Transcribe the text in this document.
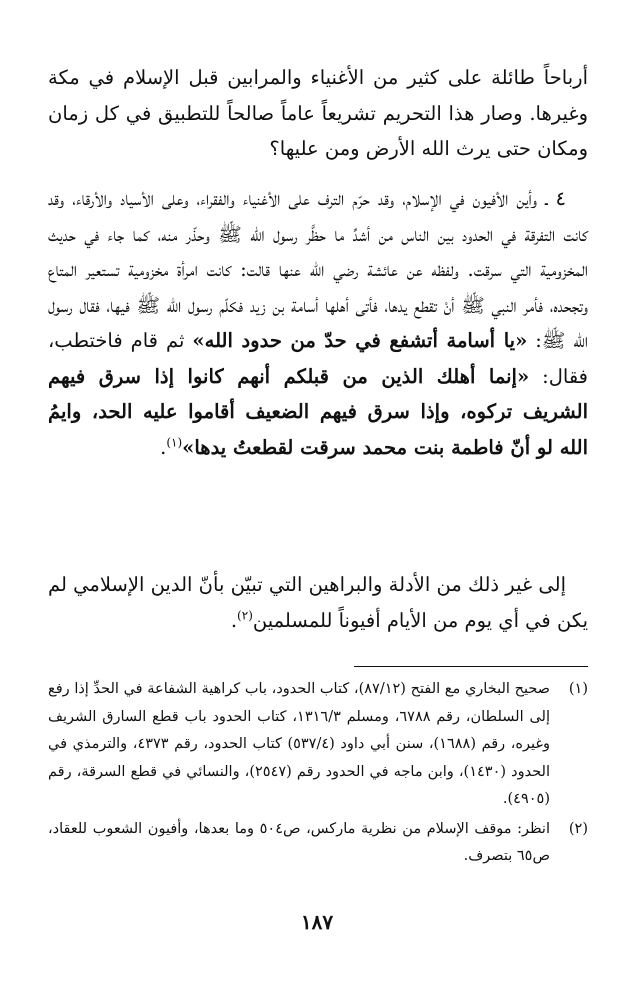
أرباحاً طائلة على كثير من الأغنياء والمرابين قبل الإسلام في مكة وغيرها. وصار هذا التحريم تشريعاً عاماً صالحاً للتطبيق في كل زمان ومكان حتى يرث الله الأرض ومن عليها؟

٤ ـ وأين الأفيون في الإسلام، وقد حرّم الترف على الأغنياء والفقراء، وعلى الأسياد والأرقاء، وقد كانت التفرقة في الحدود بين الناس من أشدِّ ما حظَّر رسول الله ﷺ وحذّر منه، كما جاء في حديث المخزومية التي سرقت. ولفظه عن عائشة رضي الله عنها قالت: كانت امرأة مخزومية تستعير المتاع وتجحده، فأمر النبي ﷺ أنْ تقطع يدها، فأتى أهلها أسامة بن زيد فكلّم رسول الله ﷺ فيها، فقال رسول الله ﷺ: «يا أسامة أتشفع في حدّ من حدود الله» ثم قام فاختطب، فقال: «إنما أهلك الذين من قبلكم أنهم كانوا إذا سرق فيهم الشريف تركوه، وإذا سرق فيهم الضعيف أقاموا عليه الحد، وايمُ الله لو أنّ فاطمة بنت محمد سرقت لقطعتُ يدها»$^{(١)}$.

إلى غير ذلك من الأدلة والبراهين التي تبيّن بأنّ الدين الإسلامي لم يكن في أي يوم من الأيام أفيوناً للمسلمين$^{(٢)}$.

(١)
صحيح البخاري مع الفتح (٨٧/١٢)، كتاب الحدود، باب كراهية الشفاعة في الحدِّ إذا رفع إلى السلطان، رقم ٦٧٨٨، ومسلم ١٣١٦/٣، كتاب الحدود باب قطع السارق الشريف وغيره، رقم (١٦٨٨)، سنن أبي داود (٥٣٧/٤) كتاب الحدود، رقم ٤٣٧٣، والترمذي في الحدود (١٤٣٠)، وابن ماجه في الحدود رقم (٢٥٤٧)، والنسائي في قطع السرقة، رقم (٤٩٠٥).
(٢)
انظر: موقف الإسلام من نظرية ماركس، ص٥٠٤ وما بعدها، وأفيون الشعوب للعقاد، ص٦٥ بتصرف.
١٨٧
